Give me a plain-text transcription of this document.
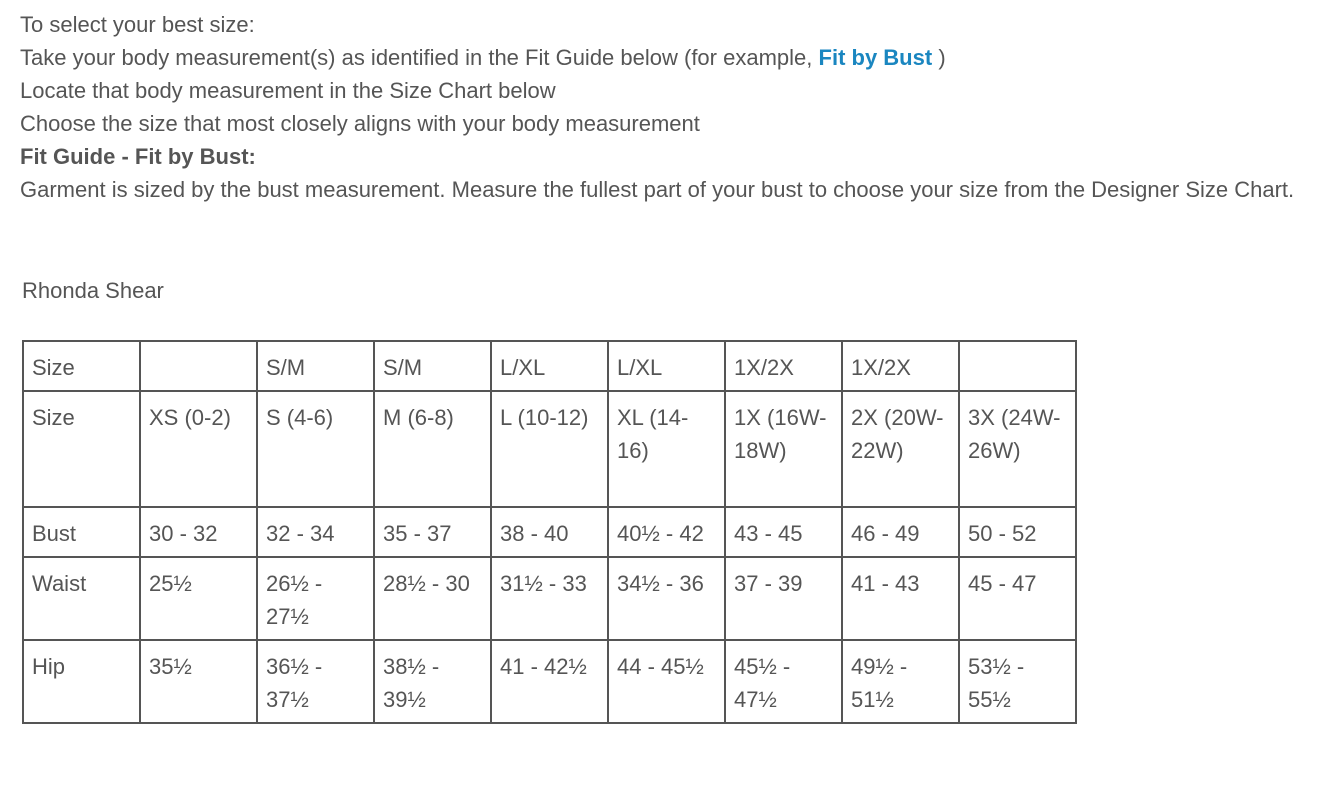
To select your best size:

Take your body measurement(s) as identified in the Fit Guide below (for example, Fit by Bust )

Locate that body measurement in the Size Chart below

Choose the size that most closely aligns with your body measurement

Fit Guide - Fit by Bust:

Garment is sized by the bust measurement. Measure the fullest part of your bust to choose your size from the Designer Size Chart.

Rhonda Shear

Size		S/M	S/M	L/XL	L/XL	1X/2X	1X/2X	
Size	XS (0-2)	S (4-6)	M (6-8)	L (10-12)	XL (14-16)	1X (16W-18W)	2X (20W-22W)	3X (24W-26W)
Bust	30 - 32	32 - 34	35 - 37	38 - 40	40½ - 42	43 - 45	46 - 49	50 - 52
Waist	25½	26½ - 27½	28½ - 30	31½ - 33	34½ - 36	37 - 39	41 - 43	45 - 47
Hip	35½	36½ - 37½	38½ - 39½	41 - 42½	44 - 45½	45½ - 47½	49½ - 51½	53½ - 55½
